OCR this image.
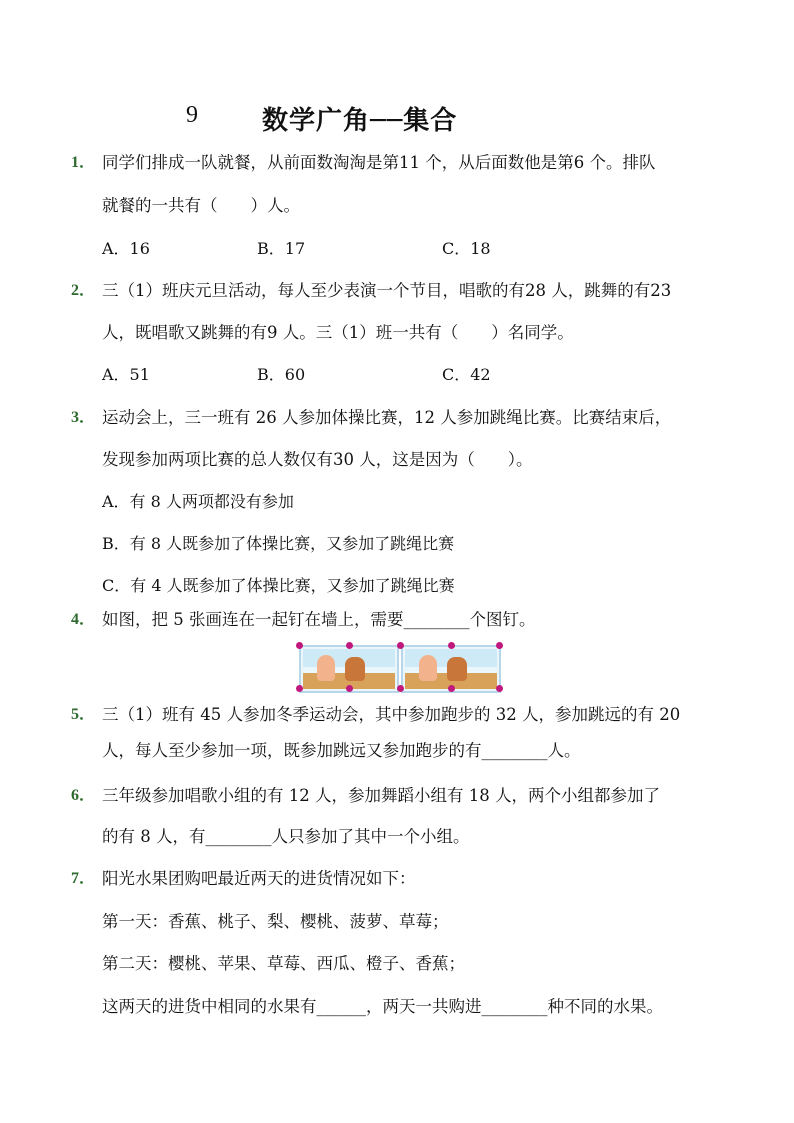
9 数学广角──集合
1． 同学们排成一队就餐，从前面数淘淘是第11 个，从后面数他是第6 个。排队
就餐的一共有（　　）人。
A．16	B．17	C．18
2． 三（1）班庆元旦活动，每人至少表演一个节目，唱歌的有28 人，跳舞的有23
人，既唱歌又跳舞的有9 人。三（1）班一共有（　　）名同学。
A．51	B．60	C．42
3． 运动会上，三一班有 26 人参加体操比赛，12 人参加跳绳比赛。比赛结束后，
发现参加两项比赛的总人数仅有30 人，这是因为（　　）。
A．有 8 人两项都没有参加
B．有 8 人既参加了体操比赛，又参加了跳绳比赛
C．有 4 人既参加了体操比赛，又参加了跳绳比赛
4． 如图，把 5 张画连在一起钉在墙上，需要________个图钉。
5． 三（1）班有 45 人参加冬季运动会，其中参加跑步的 32 人，参加跳远的有 20
人，每人至少参加一项，既参加跳远又参加跑步的有________人。
6． 三年级参加唱歌小组的有 12 人，参加舞蹈小组有 18 人，两个小组都参加了
的有 8 人，有________人只参加了其中一个小组。
7． 阳光水果团购吧最近两天的进货情况如下：
第一天：香蕉、桃子、梨、樱桃、菠萝、草莓；
第二天：樱桃、苹果、草莓、西瓜、橙子、香蕉；
这两天的进货中相同的水果有______，两天一共购进________种不同的水果。
